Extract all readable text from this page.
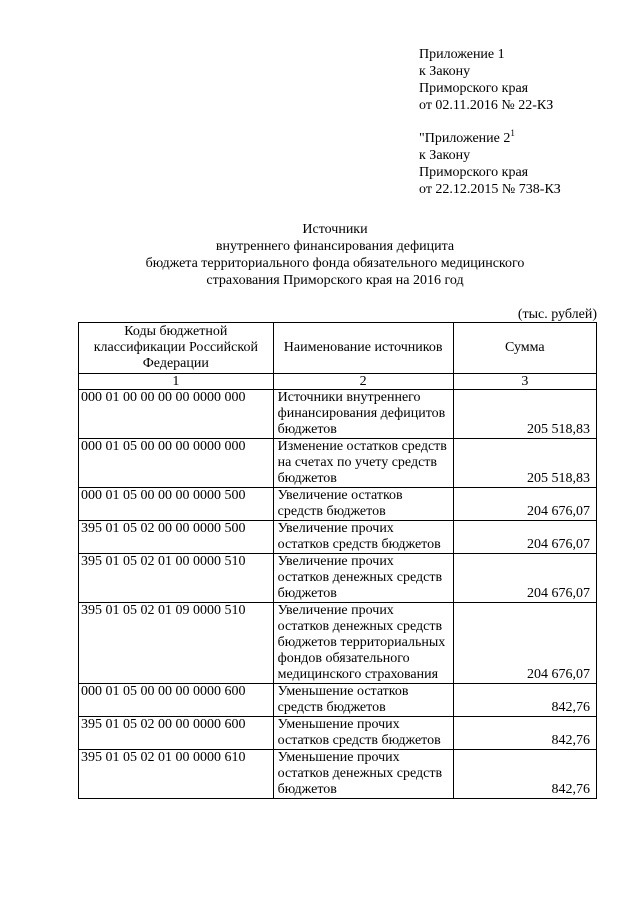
Приложение 1
к Закону
Приморского края
от 02.11.2016 № 22-КЗ
"Приложение $2^1$
к Закону
Приморского края
от 22.12.2015 № 738-КЗ
Источники
внутреннего финансирования дефицита
бюджета территориального фонда обязательного медицинского
страхования Приморского края на 2016 год
(тыс. рублей)
Коды бюджетной классификации Российской Федерации	Наименование источников	Сумма
1	2	3
000 01 00 00 00 00 0000 000	Источники внутреннего финансирования дефицитов бюджетов	205 518,83
000 01 05 00 00 00 0000 000	Изменение остатков средств на счетах по учету средств бюджетов	205 518,83
000 01 05 00 00 00 0000 500	Увеличение остатков средств бюджетов	204 676,07
395 01 05 02 00 00 0000 500	Увеличение прочих остатков средств бюджетов	204 676,07
395 01 05 02 01 00 0000 510	Увеличение прочих остатков денежных средств бюджетов	204 676,07
395 01 05 02 01 09 0000 510	Увеличение прочих остатков денежных средств бюджетов территориальных фондов обязательного медицинского страхования	204 676,07
000 01 05 00 00 00 0000 600	Уменьшение остатков средств бюджетов	842,76
395 01 05 02 00 00 0000 600	Уменьшение прочих остатков средств бюджетов	842,76
395 01 05 02 01 00 0000 610	Уменьшение прочих остатков денежных средств бюджетов	842,76
